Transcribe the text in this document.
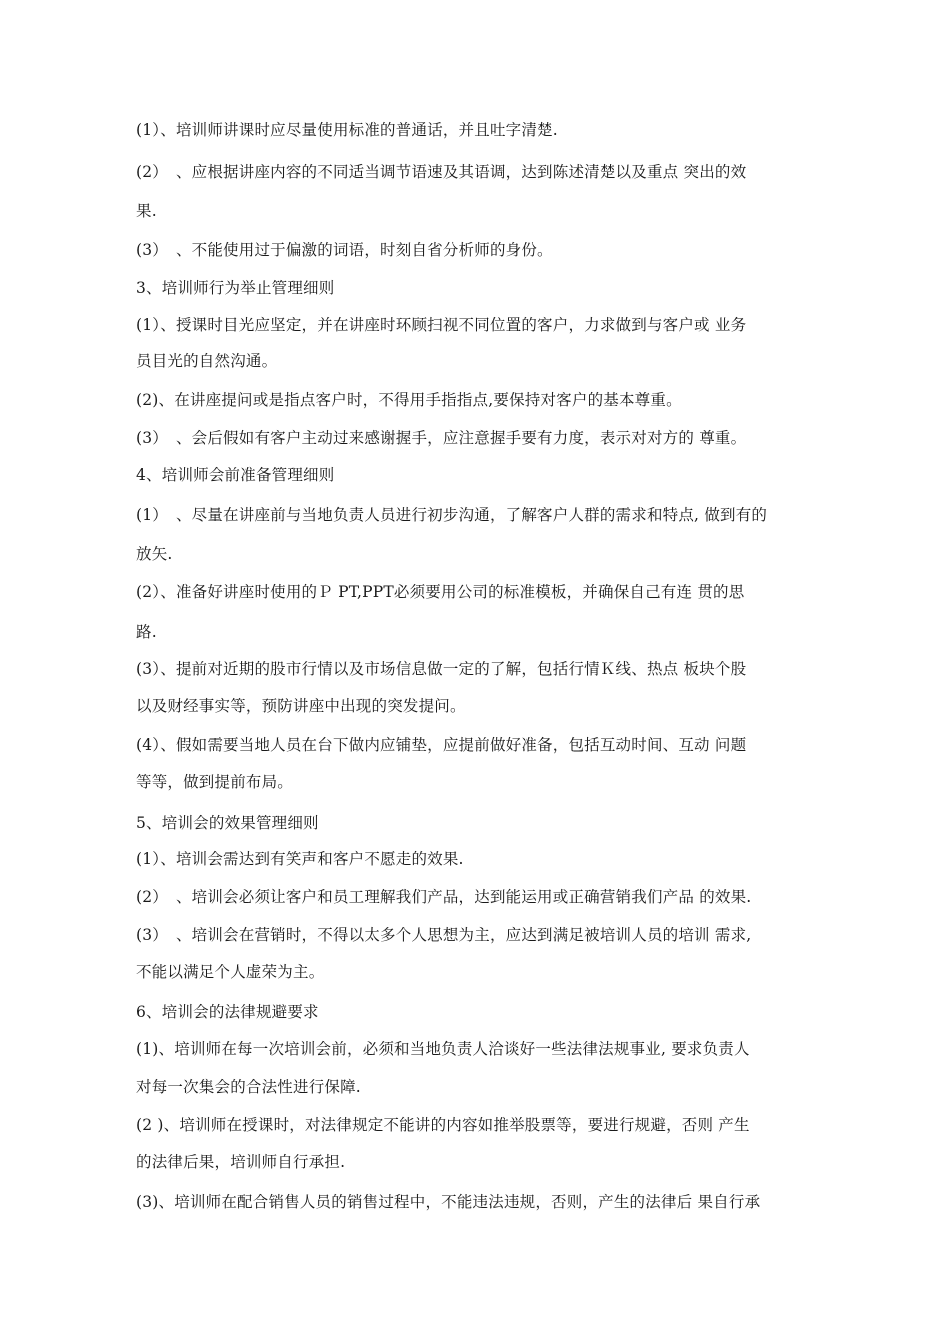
(1）、培训师讲课时应尽量使用标准的普通话，并且吐字清楚.
(2）　、应根据讲座内容的不同适当调节语速及其语调，达到陈述清楚以及重点 突出的效
果.
(3）　、不能使用过于偏激的词语，时刻自省分析师的身份。
3、培训师行为举止管理细则
(1）、授课时目光应坚定，并在讲座时环顾扫视不同位置的客户，力求做到与客户或 业务
员目光的自然沟通。
(2)、在讲座提问或是指点客户时，不得用手指指点,要保持对客户的基本尊重。
(3）　、会后假如有客户主动过来感谢握手，应注意握手要有力度，表示对对方的 尊重。
4、培训师会前准备管理细则
(1）　、尽量在讲座前与当地负责人员进行初步沟通，了解客户人群的需求和特点, 做到有的
放矢.
(2）、准备好讲座时使用的Ｐ PT,PPT必须要用公司的标准模板，并确保自己有连 贯的思
路.
(3）、提前对近期的股市行情以及市场信息做一定的了解，包括行情Ｋ线、热点 板块个股
以及财经事实等，预防讲座中出现的突发提问。
(4）、假如需要当地人员在台下做内应铺垫，应提前做好准备，包括互动时间、互动 问题
等等，做到提前布局。
5、培训会的效果管理细则
(1）、培训会需达到有笑声和客户不愿走的效果.
(2）　、培训会必须让客户和员工理解我们产品，达到能运用或正确营销我们产品 的效果.
(3）　、培训会在营销时，不得以太多个人思想为主，应达到满足被培训人员的培训 需求,
不能以满足个人虚荣为主。
6、培训会的法律规避要求
(1)、培训师在每一次培训会前，必须和当地负责人洽谈好一些法律法规事业, 要求负责人
对每一次集会的合法性进行保障.
(2 )、培训师在授课时，对法律规定不能讲的内容如推举股票等，要进行规避，否则 产生
的法律后果，培训师自行承担.
(3)、培训师在配合销售人员的销售过程中，不能违法违规，否则，产生的法律后 果自行承
